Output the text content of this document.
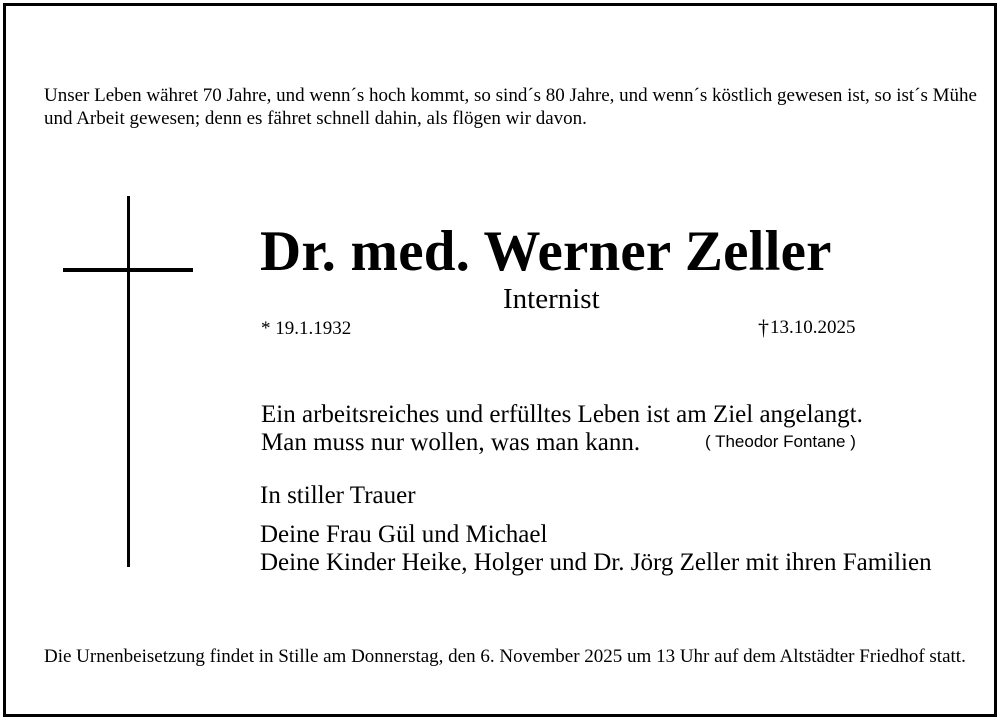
Unser Leben währet 70 Jahre, und wenn´s hoch kommt, so sind´s 80 Jahre, und wenn´s köstlich gewesen ist, so ist´s Mühe und Arbeit gewesen; denn es fähret schnell dahin, als flögen wir davon.
Dr. med. Werner Zeller
Internist
* 19.1.1932	†13.10.2025
Ein arbeitsreiches und erfülltes Leben ist am Ziel angelangt.
Man muss nur wollen, was man kann.	( Theodor Fontane )
In stiller Trauer
Deine Frau Gül und Michael
Deine Kinder Heike, Holger und Dr. Jörg Zeller mit ihren Familien
Die Urnenbeisetzung findet in Stille am Donnerstag, den 6. November 2025 um 13 Uhr auf dem Altstädter Friedhof statt.
